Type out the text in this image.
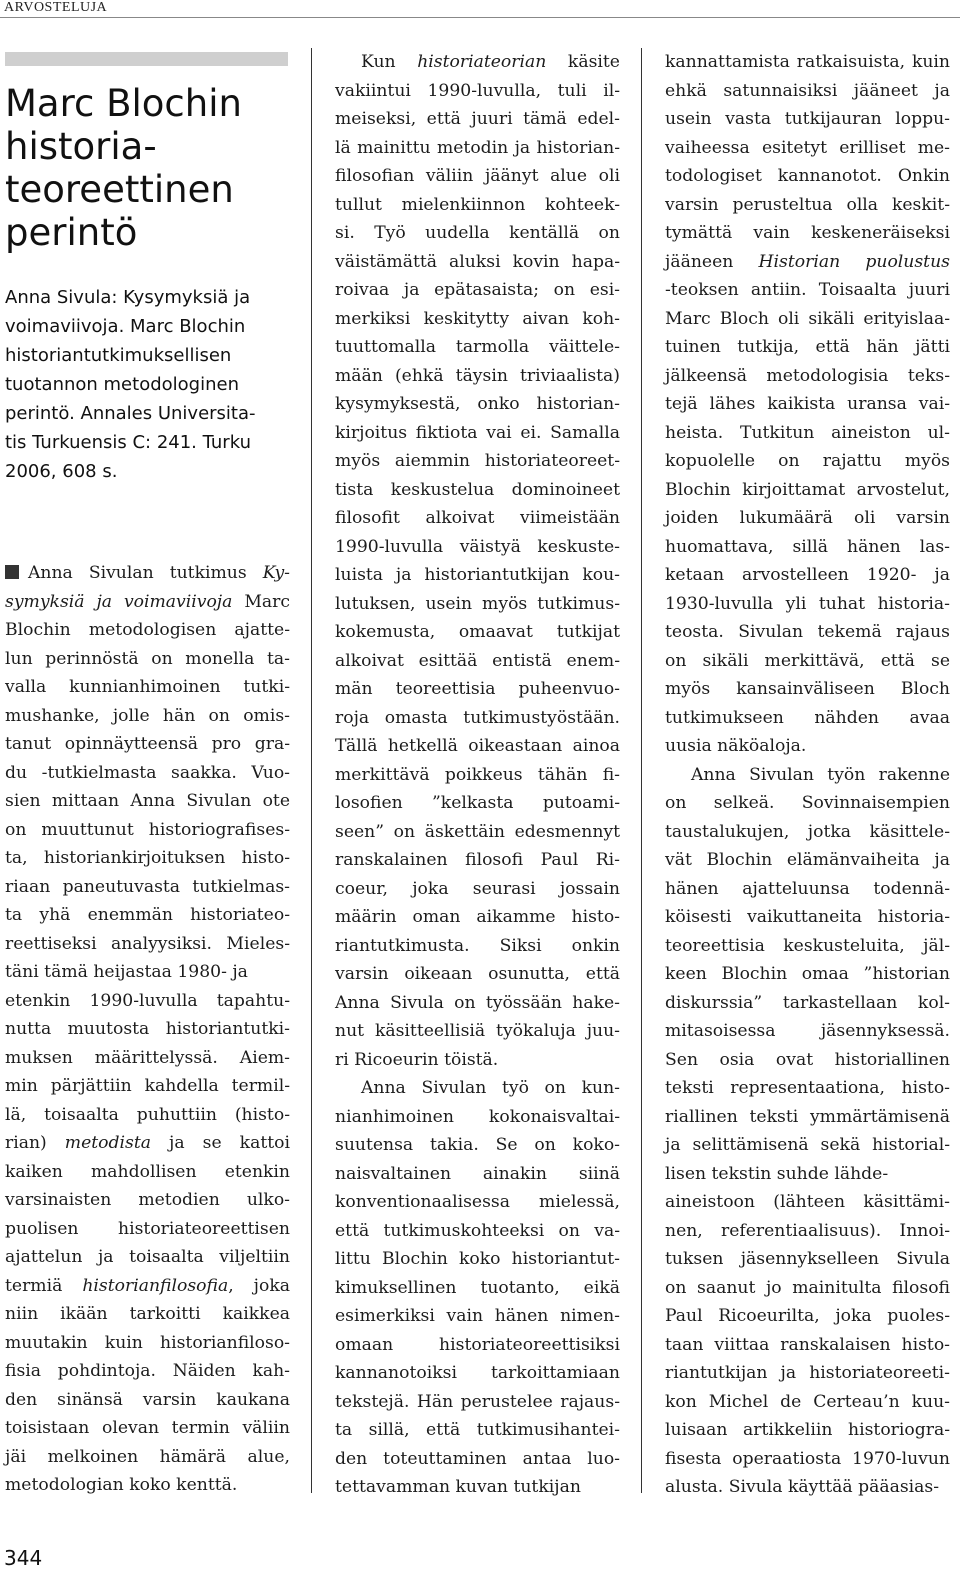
ARVOSTELUJA
Marc Blochin
historia-
teoreettinen
perintö
Anna Sivula: Kysymyksiä ja
voimaviivoja. Marc Blochin
historiantutkimuksellisen
tuotannon metodologinen
perintö. Annales Universita-
tis Turkuensis C: 241. Turku
2006, 608 s.
Anna Sivulan tutkimus Ky-
symyksiä ja voimaviivoja Marc
Blochin metodologisen ajatte-
lun perinnöstä on monella ta-
valla kunnianhimoinen tutki-
mushanke, jolle hän on omis-
tanut opinnäytteensä pro gra-
du -tutkielmasta saakka. Vuo-
sien mittaan Anna Sivulan ote
on muuttunut historiografises-
ta, historiankirjoituksen histo-
riaan paneutuvasta tutkielmas-
ta yhä enemmän historiateo-
reettiseksi analyysiksi. Mieles-
täni tämä heijastaa 1980- ja
etenkin 1990-luvulla tapahtu-
nutta muutosta historiantutki-
muksen määrittelyssä. Aiem-
min pärjättiin kahdella termil-
lä, toisaalta puhuttiin (histo-
rian) metodista ja se kattoi
kaiken mahdollisen etenkin
varsinaisten metodien ulko-
puolisen historiateoreettisen
ajattelun ja toisaalta viljeltiin
termiä historianfilosofia, joka
niin ikään tarkoitti kaikkea
muutakin kuin historianfiloso-
fisia pohdintoja. Näiden kah-
den sinänsä varsin kaukana
toisistaan olevan termin väliin
jäi melkoinen hämärä alue,
metodologian koko kenttä.
Kun historiateorian käsite
vakiintui 1990-luvulla, tuli il-
meiseksi, että juuri tämä edel-
lä mainittu metodin ja historian-
filosofian väliin jäänyt alue oli
tullut mielenkiinnon kohteek-
si. Työ uudella kentällä on
väistämättä aluksi kovin hapa-
roivaa ja epätasaista; on esi-
merkiksi keskitytty aivan koh-
tuuttomalla tarmolla väittele-
mään (ehkä täysin triviaalista)
kysymyksestä, onko historian-
kirjoitus fiktiota vai ei. Samalla
myös aiemmin historiateoreet-
tista keskustelua dominoineet
filosofit alkoivat viimeistään
1990-luvulla väistyä keskuste-
luista ja historiantutkijan kou-
lutuksen, usein myös tutkimus-
kokemusta, omaavat tutkijat
alkoivat esittää entistä enem-
män teoreettisia puheenvuo-
roja omasta tutkimustyöstään.
Tällä hetkellä oikeastaan ainoa
merkittävä poikkeus tähän fi-
losofien ”kelkasta putoami-
seen” on äskettäin edesmennyt
ranskalainen filosofi Paul Ri-
coeur, joka seurasi jossain
määrin oman aikamme histo-
riantutkimusta. Siksi onkin
varsin oikeaan osunutta, että
Anna Sivula on työssään hake-
nut käsitteellisiä työkaluja juu-
ri Ricoeurin töistä.
Anna Sivulan työ on kun-
nianhimoinen kokonaisvaltai-
suutensa takia. Se on koko-
naisvaltainen ainakin siinä
konventionaalisessa mielessä,
että tutkimuskohteeksi on va-
littu Blochin koko historiantut-
kimuksellinen tuotanto, eikä
esimerkiksi vain hänen nimen-
omaan historiateoreettisiksi
kannanotoiksi tarkoittamiaan
tekstejä. Hän perustelee rajaus-
ta sillä, että tutkimusihantei-
den toteuttaminen antaa luo-
tettavamman kuvan tutkijan
kannattamista ratkaisuista, kuin
ehkä satunnaisiksi jääneet ja
usein vasta tutkijauran loppu-
vaiheessa esitetyt erilliset me-
todologiset kannanotot. Onkin
varsin perusteltua olla keskit-
tymättä vain keskeneräiseksi
jääneen Historian puolustus
-teoksen antiin. Toisaalta juuri
Marc Bloch oli sikäli erityislaa-
tuinen tutkija, että hän jätti
jälkeensä metodologisia teks-
tejä lähes kaikista uransa vai-
heista. Tutkitun aineiston ul-
kopuolelle on rajattu myös
Blochin kirjoittamat arvostelut,
joiden lukumäärä oli varsin
huomattava, sillä hänen las-
ketaan arvostelleen 1920- ja
1930-luvulla yli tuhat historia-
teosta. Sivulan tekemä rajaus
on sikäli merkittävä, että se
myös kansainväliseen Bloch
tutkimukseen nähden avaa
uusia näköaloja.
Anna Sivulan työn rakenne
on selkeä. Sovinnaisempien
taustalukujen, jotka käsittele-
vät Blochin elämänvaiheita ja
hänen ajatteluunsa todennä-
köisesti vaikuttaneita historia-
teoreettisia keskusteluita, jäl-
keen Blochin omaa ”historian
diskurssia” tarkastellaan kol-
mitasoisessa jäsennyksessä.
Sen osia ovat historiallinen
teksti representaationa, histo-
riallinen teksti ymmärtämisenä
ja selittämisenä sekä historial-
lisen tekstin suhde lähde-
aineistoon (lähteen käsittämi-
nen, referentiaalisuus). Innoi-
tuksen jäsennykselleen Sivula
on saanut jo mainitulta filosofi
Paul Ricoeurilta, joka puoles-
taan viittaa ranskalaisen histo-
riantutkijan ja historiateoreeti-
kon Michel de Certeau’n kuu-
luisaan artikkeliin historiogra-
fisesta operaatiosta 1970-luvun
alusta. Sivula käyttää pääasias-
344
